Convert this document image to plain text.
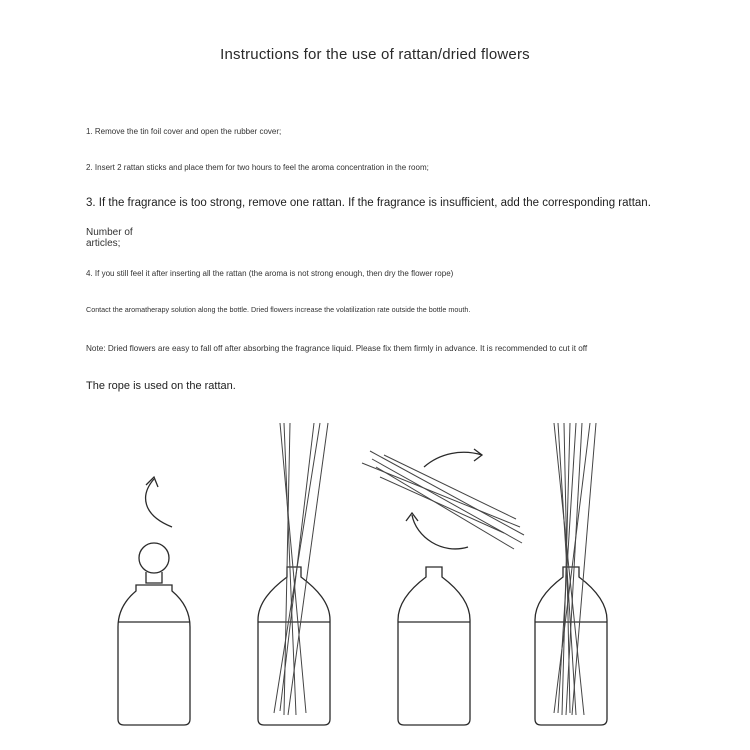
Instructions for the use of rattan/dried flowers
1. Remove the tin foil cover and open the rubber cover;
2. Insert 2 rattan sticks and place them for two hours to feel the aroma concentration in the room;
3. If the fragrance is too strong, remove one rattan. If the fragrance is insufficient, add the corresponding rattan.
Number of articles;
4. If you still feel it after inserting all the rattan (the aroma is not strong enough, then dry the flower rope)
Contact the aromatherapy solution along the bottle. Dried flowers increase the volatilization rate outside the bottle mouth.
Note: Dried flowers are easy to fall off after absorbing the fragrance liquid. Please fix them firmly in advance. It is recommended to cut it off
The rope is used on the rattan.
